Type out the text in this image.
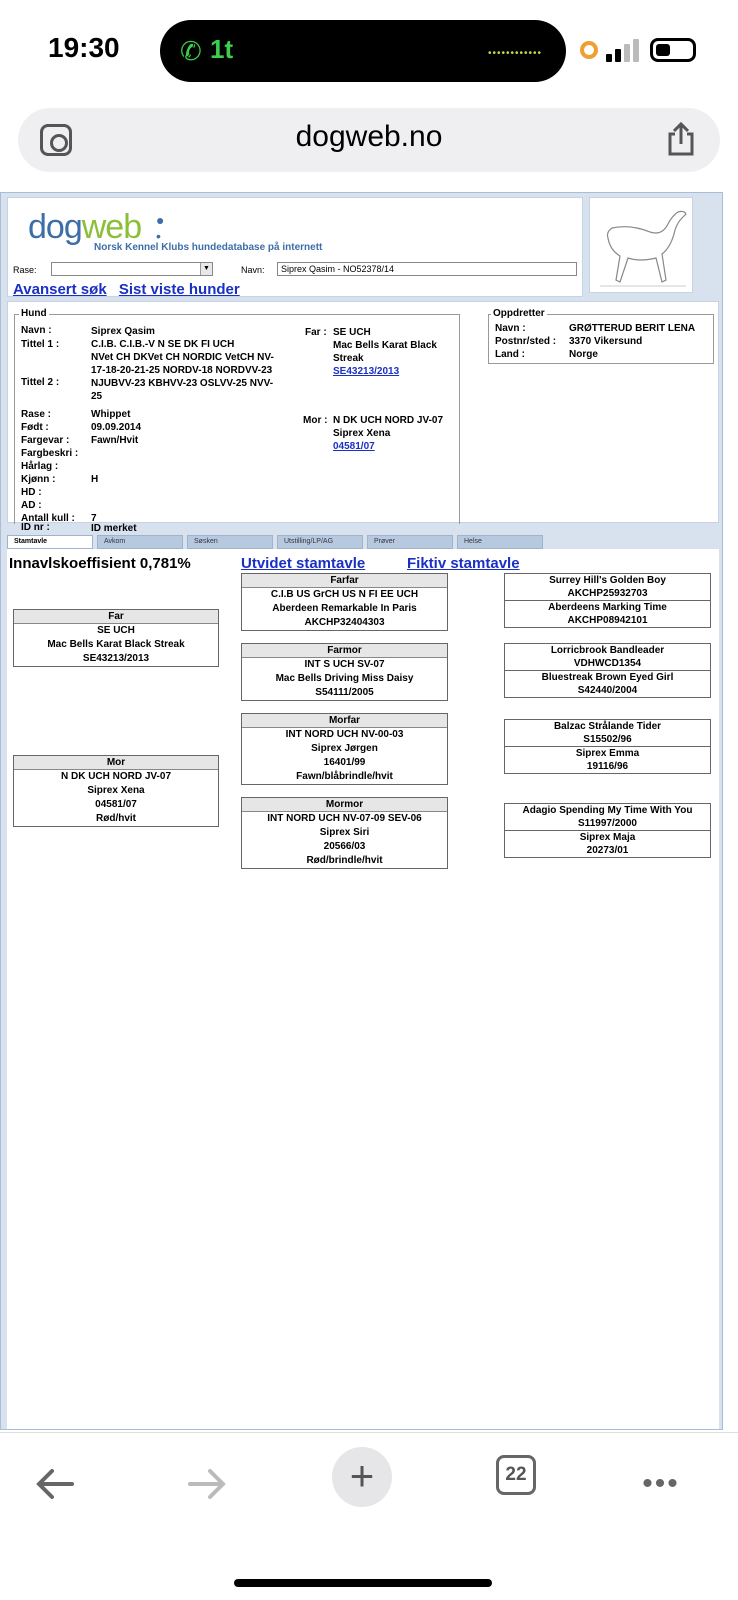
19:30 ✆ 1t	••••••••••••
dogweb.no
dogweb ●
•
Norsk Kennel Klubs hundedatabase på internett
Rase:	▼	Navn:	Siprex Qasim - NO52378/14
Avansert søk Sist viste hunder
Hund
Navn :	Siprex Qasim
Tittel 1 :	C.I.B. C.I.B.-V N SE DK FI UCH
NVet CH DKVet CH NORDIC VetCH NV-
17-18-20-21-25 NORDV-18 NORDVV-23
Tittel 2 :	NJUBVV-23 KBHVV-23 OSLVV-25 NVV-
25
Rase :	Whippet
Født :	09.09.2014
Fargevar : Fawn/Hvit
Fargbeskri :
Hårlag :
Kjønn :	H
HD :
AD :
Antall kull : 7
ID nr :	ID merket
Far : SE UCH
Mac Bells Karat Black
Streak
SE43213/2013
Mor : N DK UCH NORD JV-07
Siprex Xena
04581/07
Oppdretter
Navn :	GRØTTERUD BERIT LENA
Postnr/sted : 3370 Vikersund
Land :	Norge
Stamtavle	Avkom	Søsken	Utstilling/LP/AG	Prøver	Helse
Innavlskoeffisient 0,781%	Utvidet stamtavle	Fiktiv stamtavle
Far
SE UCH
Mac Bells Karat Black Streak
SE43213/2013
Mor
N DK UCH NORD JV-07
Siprex Xena
04581/07
Rød/hvit
Farfar
C.I.B US GrCH US N FI EE UCH
Aberdeen Remarkable In Paris
AKCHP32404303
Farmor
INT S UCH SV-07
Mac Bells Driving Miss Daisy
S54111/2005
Morfar
INT NORD UCH NV-00-03
Siprex Jørgen
16401/99
Fawn/blåbrindle/hvit
Mormor
INT NORD UCH NV-07-09 SEV-06
Siprex Siri
20566/03
Rød/brindle/hvit
Surrey Hill's Golden Boy
AKCHP25932703
Aberdeens Marking Time
AKCHP08942101
Lorricbrook Bandleader
VDHWCD1354
Bluestreak Brown Eyed Girl
S42440/2004
Balzac Strålande Tider
S15502/96
Siprex Emma
19116/96
Adagio Spending My Time With You
S11997/2000
Siprex Maja
20273/01
+	22	•••
